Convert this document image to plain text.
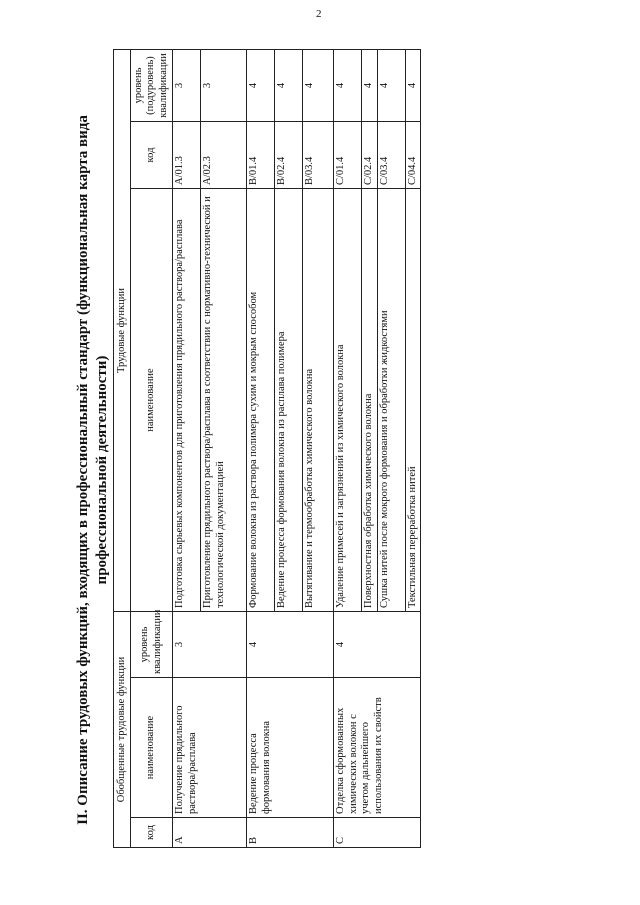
2
II. Описание трудовых функций, входящих в профессиональный стандарт (функциональная карта вида профессиональной деятельности)
Обобщенные трудовые функции			Трудовые функции		
код	наименование	уровень квалификации	наименование	код	уровень (подуровень) квалификации
A	Получение прядильного раствора/расплава	3	Подготовка сырьевых компонентов для приготовления прядильного раствора/расплава	A/01.3	3
			Приготовление прядильного раствора/расплава в соответствии с нормативно-технической и технологической документацией	A/02.3	3
B	Ведение процесса формования волокна	4	Формование волокна из раствора полимера сухим и мокрым способом	B/01.4	4
			Ведение процесса формования волокна из расплава полимера	B/02.4	4
			Вытягивание и термообработка химического волокна	B/03.4	4
C	Отделка сформованных химических волокон с учетом дальнейшего использования их свойств	4	Удаление примесей и загрязнений из химического волокна	C/01.4	4
			Поверхностная обработка химического волокна	C/02.4	4
			Сушка нитей после мокрого формования и обработки жидкостями	C/03.4	4
			Текстильная переработка нитей	C/04.4	4
